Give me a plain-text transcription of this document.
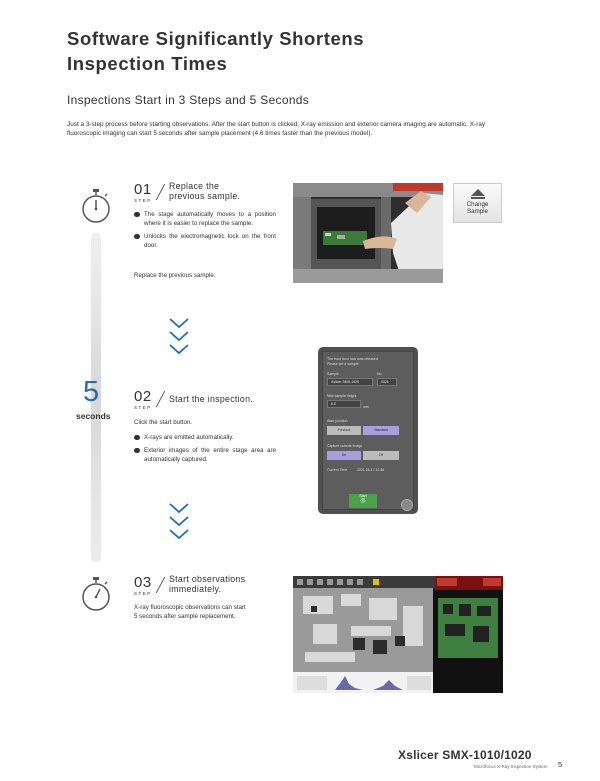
Software Significantly Shortens
Inspection Times
Inspections Start in 3 Steps and 5 Seconds
Just a 3-step process before starting observations. After the start button is clicked, X-ray emission and exterior camera imaging are automatic. X-ray fluoroscopic imaging can start 5 seconds after sample placement (4.6 times faster than the previous model).
01
STEP
Replace the
previous sample.
The stage automatically moves to a position where it is easier to replace the sample.
Unlocks the electromagnetic lock on the front door.
Replace the previous sample.
Change
Sample
5
seconds
02
STEP
Start the inspection.
Click the start button.
X-rays are emitted automatically.
Exterior images of the entire stage area are automatically captured.
The front door lock was released.
Please set a sample.
Sample	No.
Xslicer SMX-1020	0021
Max sample height
6.0
mm
Start position
Previous	Standard
Capture outside image
On	Off
Current Time	2021.06.17 10:46
Start
◎
03
STEP
Start observations
immediately.
X-ray fluoroscopic observations can start
5 seconds after sample replacement.
Xslicer SMX-1010/1020
Microfocus X-Ray Inspection System 5
